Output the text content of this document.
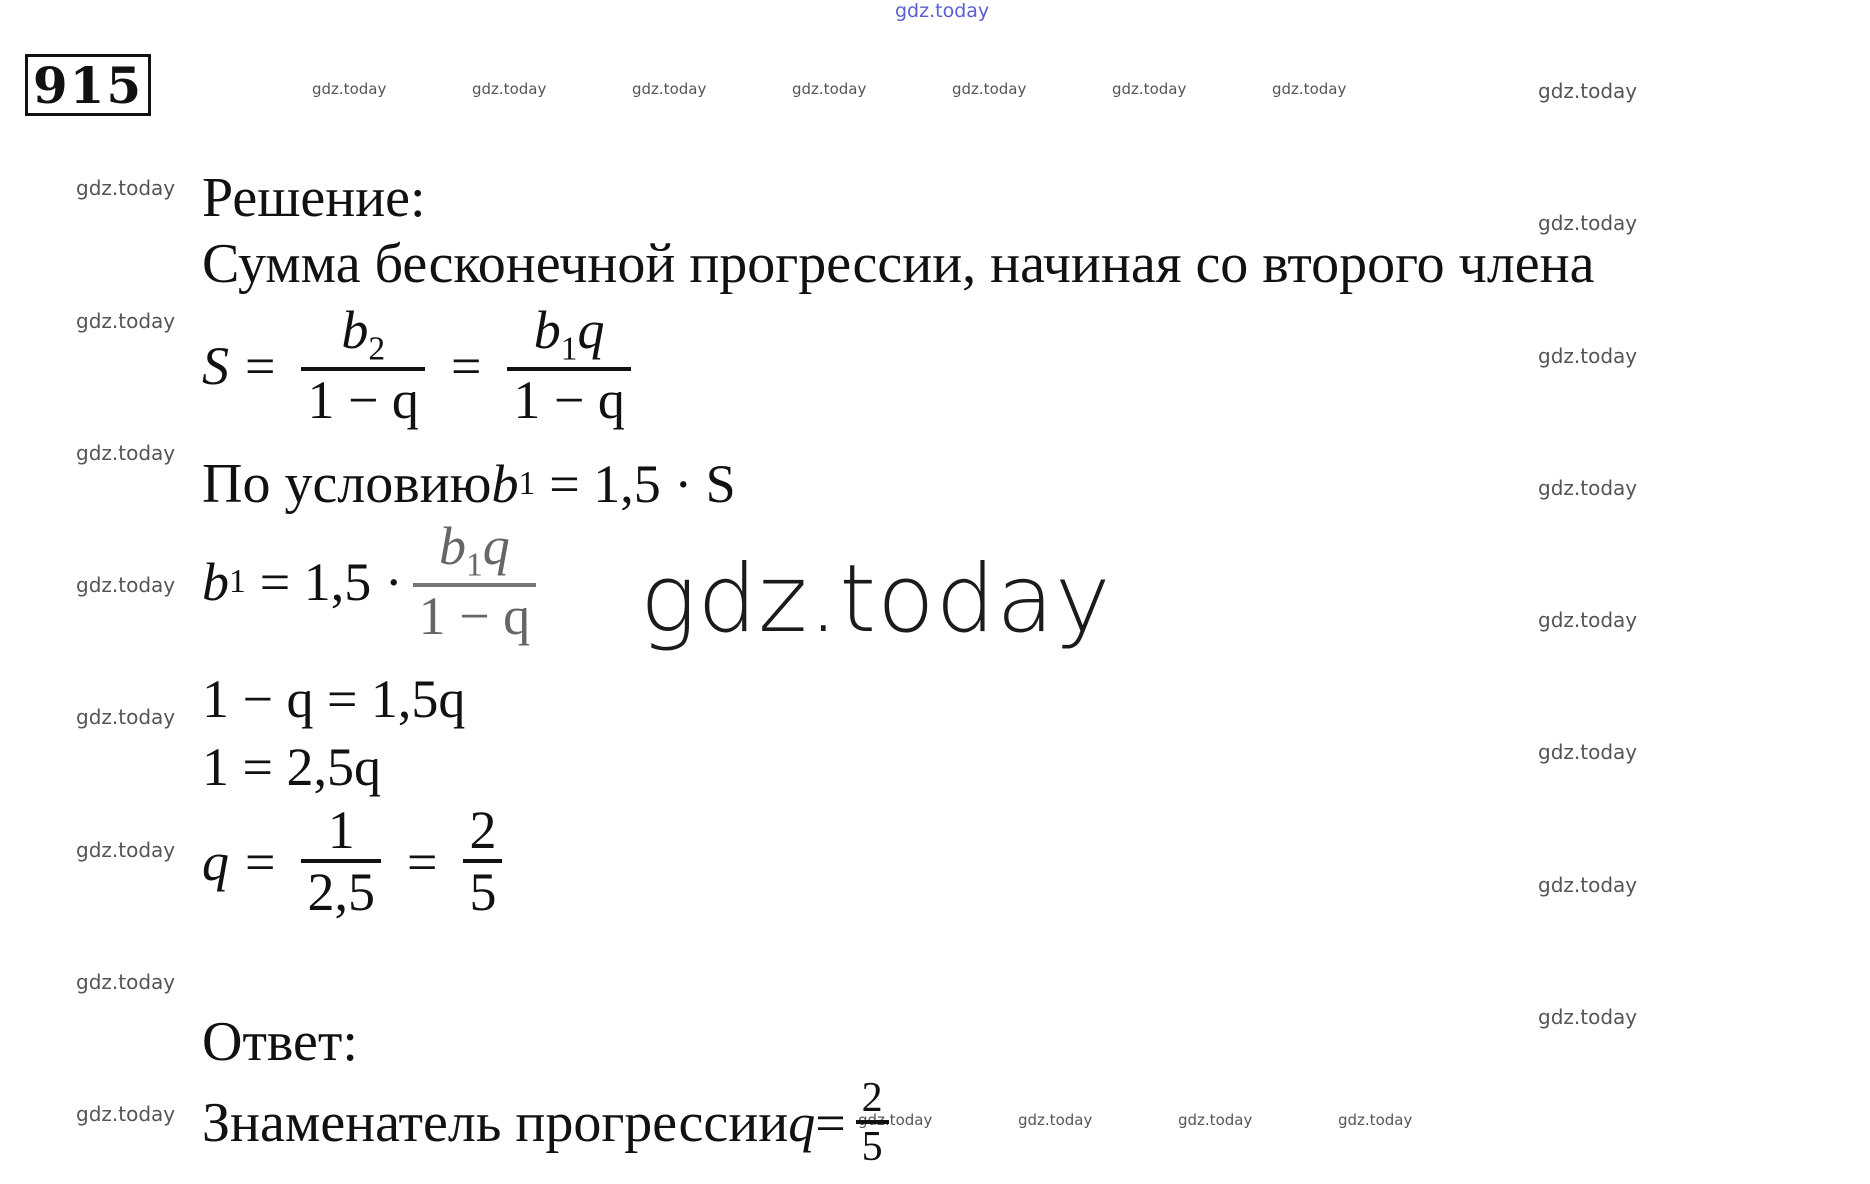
gdz.today
gdz.today	gdz.today	gdz.today	gdz.today	gdz.today	gdz.today	gdz.today	gdz.today
gdz.today
gdz.today
gdz.today
gdz.today
gdz.today
gdz.today
gdz.today
gdz.today
gdz.today
gdz.today
gdz.today
gdz.today
gdz.today
gdz.today
gdz.today	gdz.today	gdz.today	gdz.today	gdz.today
gdz.today
915
Решение:
Сумма бесконечной прогрессии, начиная со второго члена
$S = \frac{b_2}{1 - q} = \frac{b_1q}{1 - q}$
По условию b 1 = 1,5 · S
b $1 = 1,5 \cdot \frac{b_1q}{1 - q}$
1 − q = 1,5q
1 = 2,5q
$q = \frac{1}{2,5} = \frac{2}{5}$
Ответ:
Знаменатель прогрессии $q = \frac{2}{5}$
